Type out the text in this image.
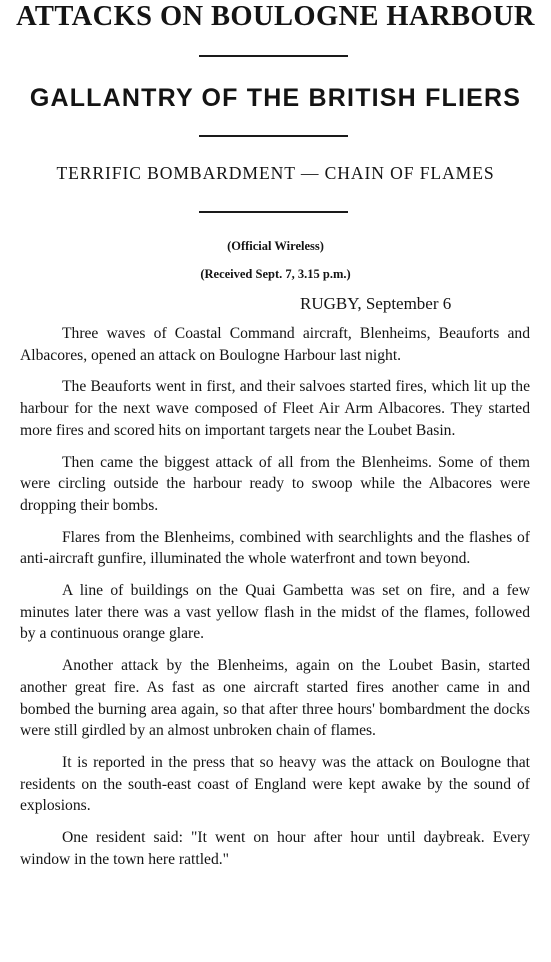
ATTACKS ON BOULOGNE HARBOUR
GALLANTRY OF THE BRITISH FLIERS
TERRIFIC BOMBARDMENT — CHAIN OF FLAMES
(Official Wireless)
(Received Sept. 7, 3.15 p.m.)
RUGBY, September 6

Three waves of Coastal Command aircraft, Blenheims, Beauforts and Albacores, opened an attack on Boulogne Harbour last night.

The Beauforts went in first, and their salvoes started fires, which lit up the harbour for the next wave composed of Fleet Air Arm Albacores. They started more fires and scored hits on important targets near the Loubet Basin.

Then came the biggest attack of all from the Blenheims. Some of them were circling outside the harbour ready to swoop while the Albacores were dropping their bombs.

Flares from the Blenheims, combined with searchlights and the flashes of anti-aircraft gunfire, illuminated the whole waterfront and town beyond.

A line of buildings on the Quai Gambetta was set on fire, and a few minutes later there was a vast yellow flash in the midst of the flames, followed by a continuous orange glare.

Another attack by the Blenheims, again on the Loubet Basin, started another great fire. As fast as one aircraft started fires another came in and bombed the burning area again, so that after three hours' bombardment the docks were still girdled by an almost unbroken chain of flames.

It is reported in the press that so heavy was the attack on Boulogne that residents on the south-east coast of England were kept awake by the sound of explosions.

One resident said: "It went on hour after hour until daybreak. Every window in the town here rattled."
